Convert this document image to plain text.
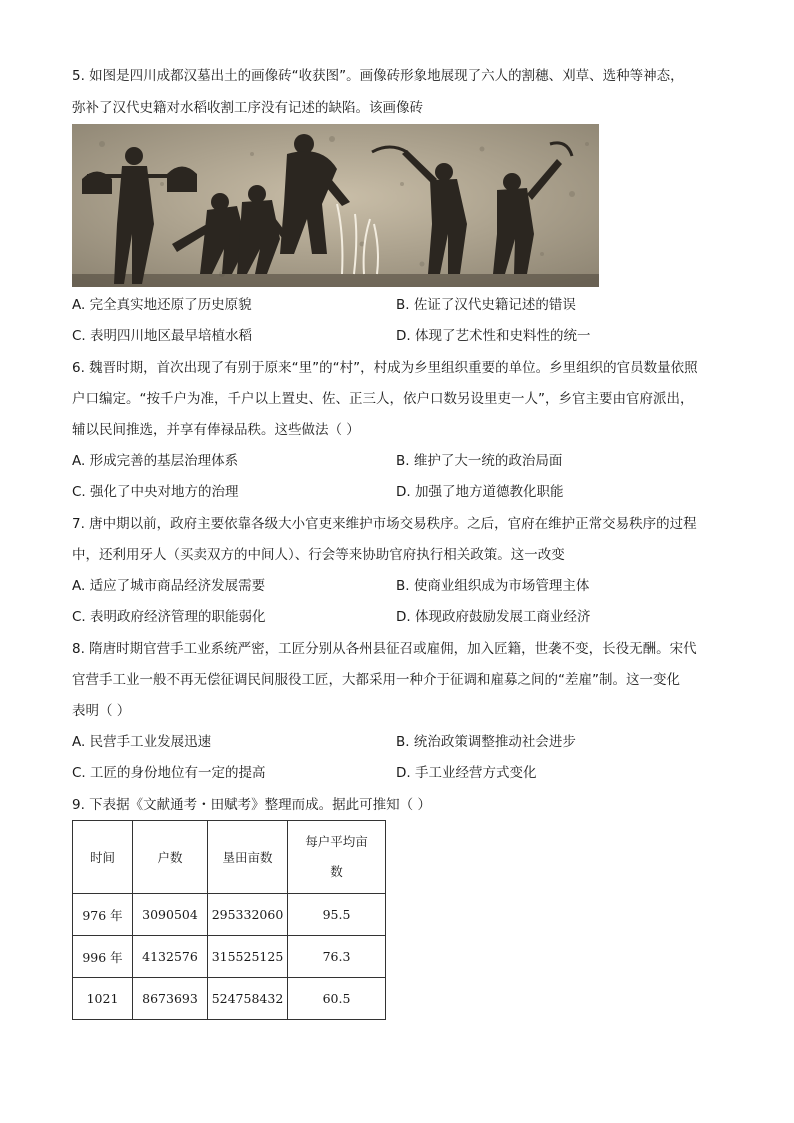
5. 如图是四川成都汉墓出土的画像砖“收获图”。画像砖形象地展现了六人的割穗、刈草、选种等神态，
弥补了汉代史籍对水稻收割工序没有记述的缺陷。该画像砖
A. 完全真实地还原了历史原貌	B. 佐证了汉代史籍记述的错误
C. 表明四川地区最早培植水稻	D. 体现了艺术性和史料性的统一
6. 魏晋时期，首次出现了有别于原来“里”的“村”，村成为乡里组织重要的单位。乡里组织的官员数量依照
户口编定。“按千户为准，千户以上置史、佐、正三人，依户口数另设里吏一人”，乡官主要由官府派出，
辅以民间推选，并享有俸禄品秩。这些做法（ ）
A. 形成完善的基层治理体系	B. 维护了大一统的政治局面
C. 强化了中央对地方的治理	D. 加强了地方道德教化职能
7. 唐中期以前，政府主要依靠各级大小官吏来维护市场交易秩序。之后，官府在维护正常交易秩序的过程
中，还利用牙人（买卖双方的中间人）、行会等来协助官府执行相关政策。这一改变
A. 适应了城市商品经济发展需要	B. 使商业组织成为市场管理主体
C. 表明政府经济管理的职能弱化	D. 体现政府鼓励发展工商业经济
8. 隋唐时期官营手工业系统严密，工匠分别从各州县征召或雇佣，加入匠籍，世袭不变，长役无酬。宋代
官营手工业一般不再无偿征调民间服役工匠，大都采用一种介于征调和雇募之间的“差雇”制。这一变化
表明（ ）
A. 民营手工业发展迅速	B. 统治政策调整推动社会进步
C. 工匠的身份地位有一定的提高	D. 手工业经营方式变化
9. 下表据《文献通考・田赋考》整理而成。据此可推知（ ）
时间	户数	垦田亩数	每户平均亩
数
976 年	3090504	295332060	95.5
996 年	4132576	315525125	76.3
1021	8673693	524758432	60.5
